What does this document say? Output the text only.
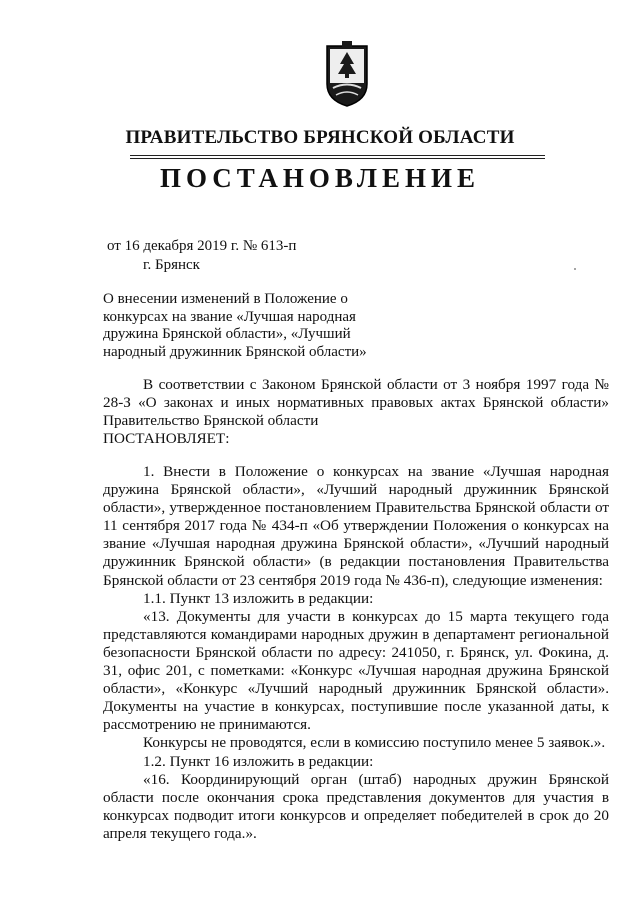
ПРАВИТЕЛЬСТВО БРЯНСКОЙ ОБЛАСТИ
ПОСТАНОВЛЕНИЕ
от 16 декабря 2019 г. № 613-п
г. Брянск
О внесении изменений в Положение о конкурсах на звание «Лучшая народная дружина Брянской области», «Лучший народный дружинник Брянской области»

В соответствии с Законом Брянской области от 3 ноября 1997 года № 28-З «О законах и иных нормативных правовых актах Брянской области» Правительство Брянской области

ПОСТАНОВЛЯЕТ:

1. Внести в Положение о конкурсах на звание «Лучшая народная дружина Брянской области», «Лучший народный дружинник Брянской области», утвержденное постановлением Правительства Брянской области от 11 сентября 2017 года № 434-п «Об утверждении Положения о конкурсах на звание «Лучшая народная дружина Брянской области», «Лучший народный дружинник Брянской области» (в редакции постановления Правительства Брянской области от 23 сентября 2019 года № 436-п), следующие изменения:

1.1. Пункт 13 изложить в редакции:

«13. Документы для участи в конкурсах до 15 марта текущего года представляются командирами народных дружин в департамент региональной безопасности Брянской области по адресу: 241050, г. Брянск, ул. Фокина, д. 31, офис 201, с пометками: «Конкурс «Лучшая народная дружина Брянской области», «Конкурс «Лучший народный дружинник Брянской области». Документы на участие в конкурсах, поступившие после указанной даты, к рассмотрению не принимаются.

Конкурсы не проводятся, если в комиссию поступило менее 5 заявок.».

1.2. Пункт 16 изложить в редакции:

«16. Координирующий орган (штаб) народных дружин Брянской области после окончания срока представления документов для участия в конкурсах подводит итоги конкурсов и определяет победителей в срок до 20 апреля текущего года.».
